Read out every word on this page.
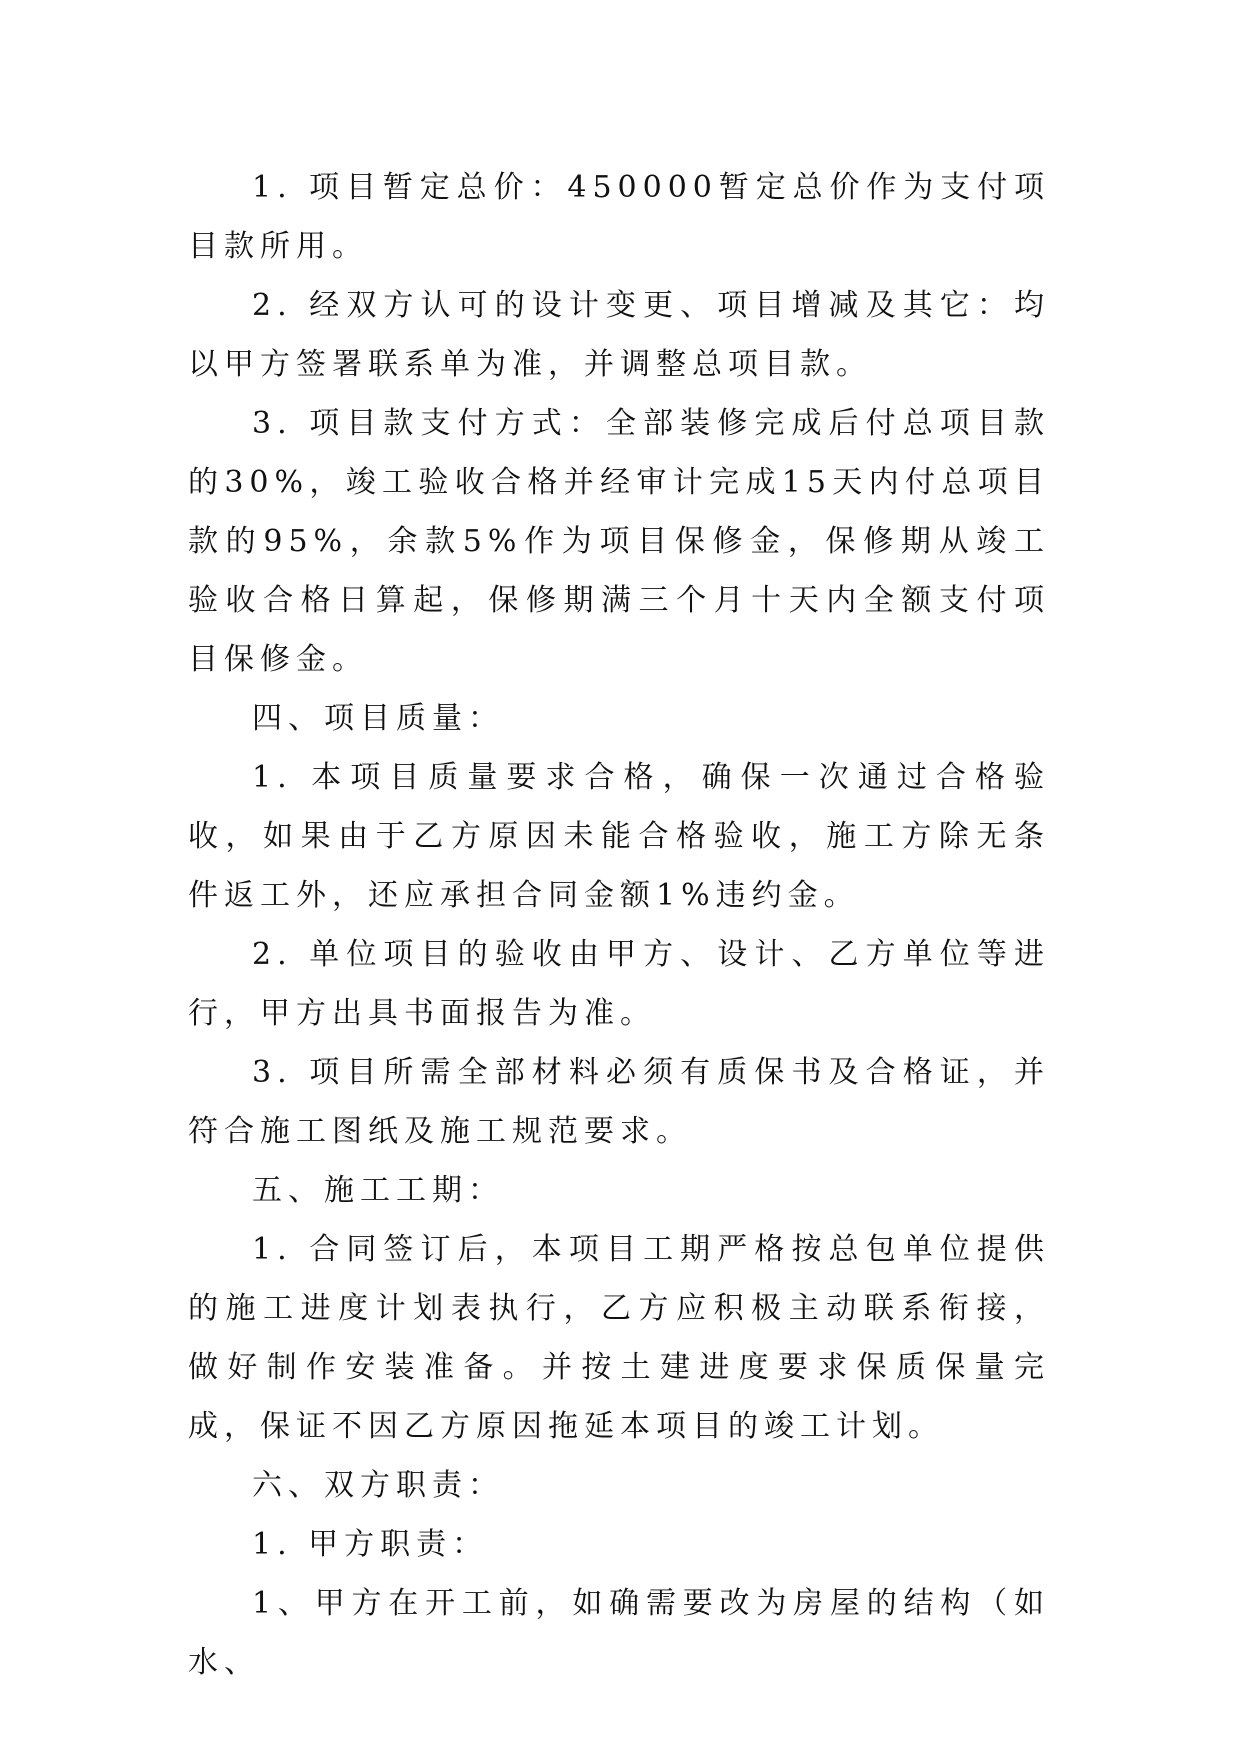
1. 项目暂定总价：450000暂定总价作为支付项目款所用。

2. 经双方认可的设计变更、项目增减及其它：均以甲方签署联系单为准，并调整总项目款。

3. 项目款支付方式：全部装修完成后付总项目款的30%，竣工验收合格并经审计完成15天内付总项目款的95%，余款5%作为项目保修金，保修期从竣工验收合格日算起，保修期满三个月十天内全额支付项目保修金。

四、项目质量：

1. 本项目质量要求合格，确保一次通过合格验收，如果由于乙方原因未能合格验收，施工方除无条件返工外，还应承担合同金额1%违约金。

2. 单位项目的验收由甲方、设计、乙方单位等进行，甲方出具书面报告为准。

3. 项目所需全部材料必须有质保书及合格证，并符合施工图纸及施工规范要求。

五、施工工期：

1. 合同签订后，本项目工期严格按总包单位提供的施工进度计划表执行，乙方应积极主动联系衔接，做好制作安装准备。并按土建进度要求保质保量完成，保证不因乙方原因拖延本项目的竣工计划。

六、双方职责：

1. 甲方职责：

1、甲方在开工前，如确需要改为房屋的结构（如水、
